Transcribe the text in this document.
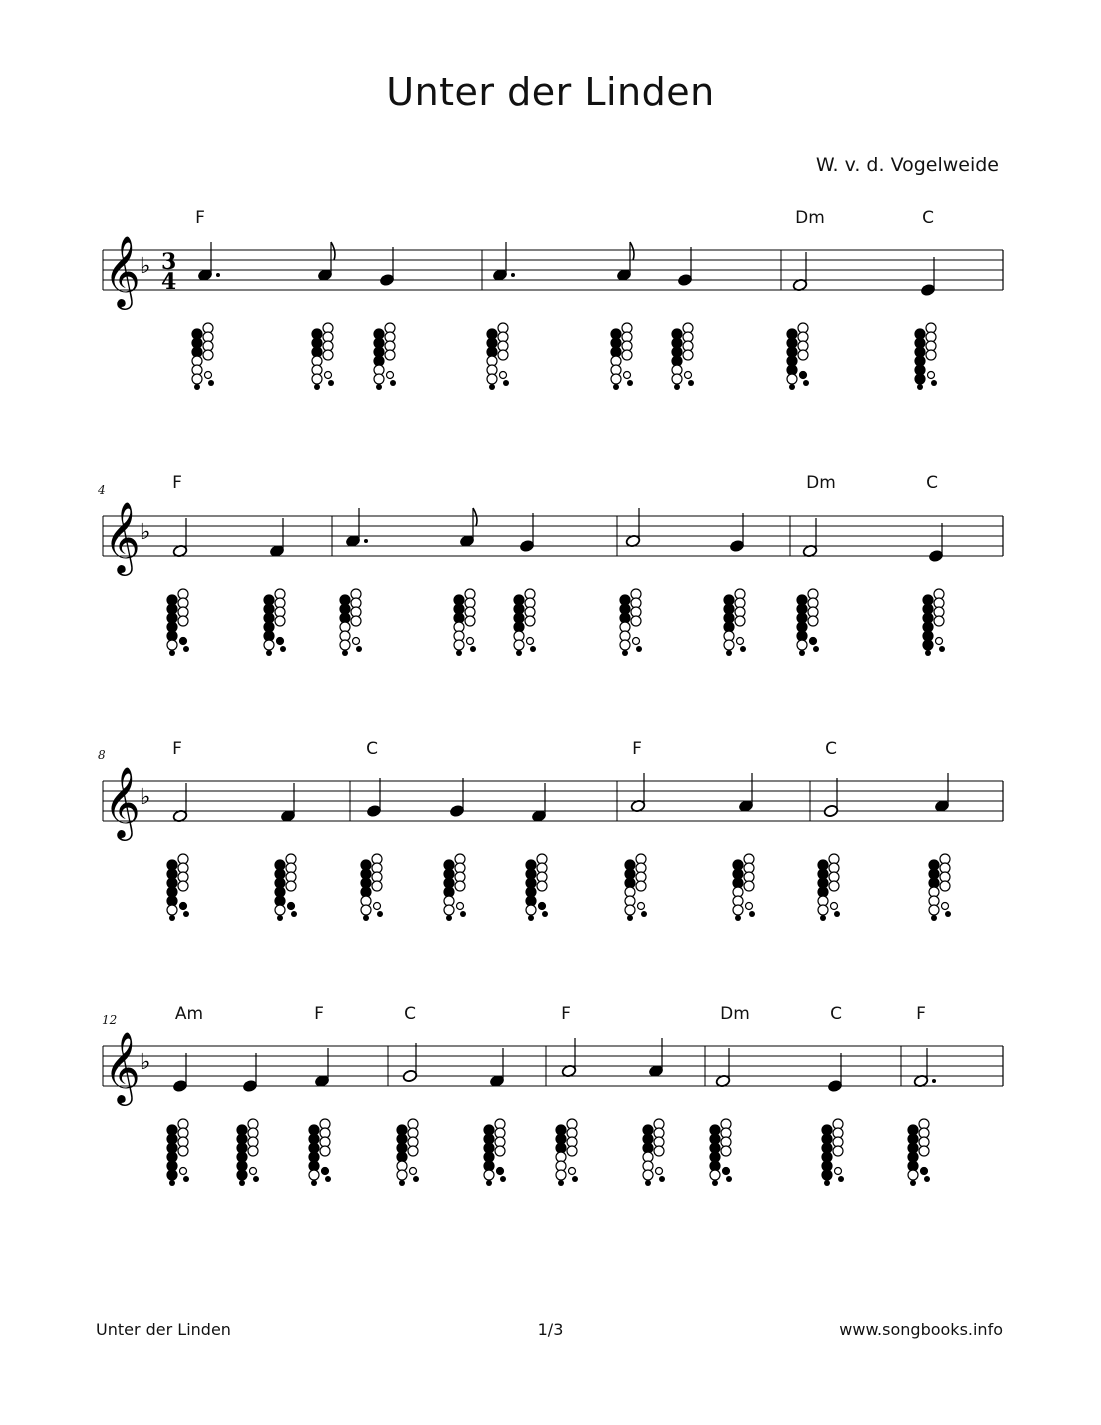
Unter der Linden
W. v. d. Vogelweide
𝄞 ♭ 3
4
F	Dm	C
𝄞 ♭
4	F	Dm	C
𝄞 ♭
8	F	C	F	C
𝄞 ♭
12	Am	F	C	F	Dm	C	F
Unter der Linden	1/3	www.songbooks.info
